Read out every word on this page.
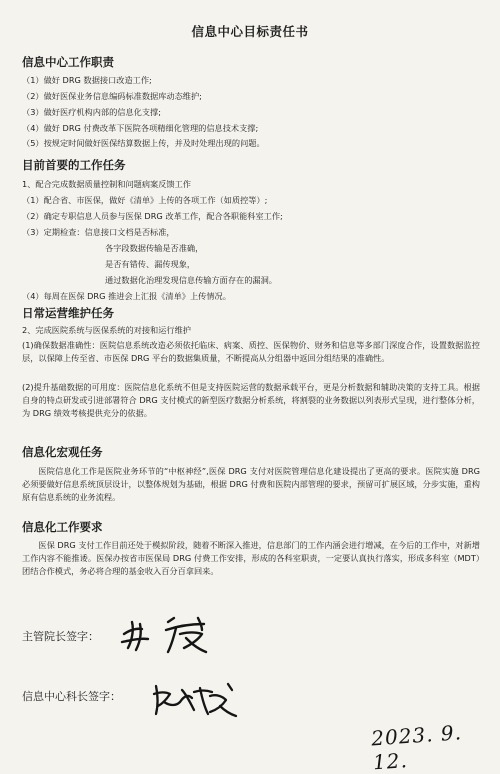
信息中心目标责任书
信息中心工作职责
（1）做好 DRG 数据接口改造工作;
（2）做好医保业务信息编码标准数据库动态维护;
（3）做好医疗机构内部的信息化支撑;
（4）做好 DRG 付费改革下医院各项精细化管理的信息技术支撑;
（5）按规定时间做好医保结算数据上传，并及时处理出现的问题。
目前首要的工作任务
1、配合完成数据质量控制和问题病案反馈工作
（1）配合省、市医保，做好《清单》上传的各项工作（如质控等）;
（2）确定专职信息人员参与医保 DRG 改革工作，配合各职能科室工作;
（3）定期检查：信息接口文档是否标准，
各字段数据传输是否准确，
是否有错传、漏传现象，
通过数据化治理发现信息传输方面存在的漏洞。
（4）每周在医保 DRG 推进会上汇报《清单》上传情况。
日常运营维护任务
2、完成医院系统与医保系统的对接和运行维护
(1)确保数据准确性：医院信息系统改造必须依托临床、病案、质控、医保物价、财务和信息等多部门深度合作，设置数据监控层，以保障上传至省、市医保 DRG 平台的数据集质量，不断提高从分组器中返回分组结果的准确性。
(2)提升基础数据的可用度：医院信息化系统不但是支持医院运营的数据承载平台，更是分析数据和辅助决策的支持工具。根据自身的特点研发或引进部署符合 DRG 支付模式的新型医疗数据分析系统，将割裂的业务数据以列表形式呈现，进行整体分析，为 DRG 绩效考核提供充分的依据。
信息化宏观任务
医院信息化工作是医院业务环节的“中枢神经”,医保 DRG 支付对医院管理信息化建设提出了更高的要求。医院实施 DRG 必须要做好信息系统顶层设计，以整体规划为基础，根据 DRG 付费和医院内部管理的要求，预留可扩展区域，分步实施，重构原有信息系统的业务流程。
信息化工作要求
医保 DRG 支付工作目前还处于模拟阶段，随着不断深入推进，信息部门的工作内涵会进行增减，在今后的工作中，对新增工作内容不能推诿。医保办按省市医保局 DRG 付费工作安排，形成的各科室职责，一定要认真执行落实，形成多科室（MDT）团结合作模式，务必将合理的基金收入百分百拿回来。
主管院长签字：
信息中心科长签字：
2023. 9. 12.
